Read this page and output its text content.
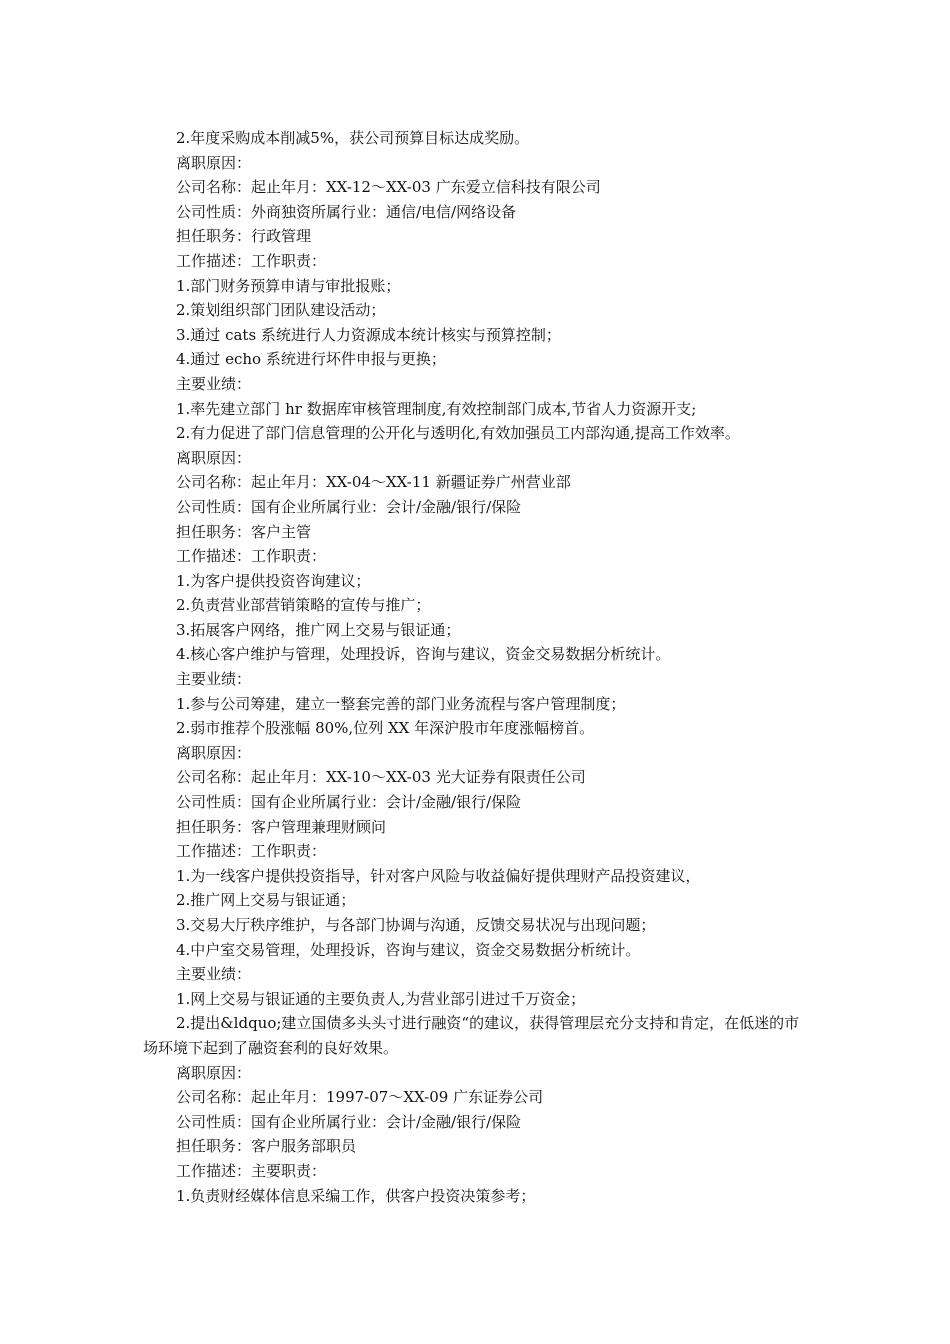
2.年度采购成本削减5%，获公司预算目标达成奖励。

离职原因：

公司名称：起止年月：XX-12～XX-03 广东爱立信科技有限公司

公司性质：外商独资所属行业：通信/电信/网络设备

担任职务：行政管理

工作描述：工作职责：

1.部门财务预算申请与审批报账；

2.策划组织部门团队建设活动；

3.通过 cats 系统进行人力资源成本统计核实与预算控制；

4.通过 echo 系统进行坏件申报与更换；

主要业绩：

1.率先建立部门 hr 数据库审核管理制度,有效控制部门成本,节省人力资源开支;

2.有力促进了部门信息管理的公开化与透明化,有效加强员工内部沟通,提高工作效率。

离职原因：

公司名称：起止年月：XX-04～XX-11 新疆证券广州营业部

公司性质：国有企业所属行业：会计/金融/银行/保险

担任职务：客户主管

工作描述：工作职责：

1.为客户提供投资咨询建议；

2.负责营业部营销策略的宣传与推广；

3.拓展客户网络，推广网上交易与银证通；

4.核心客户维护与管理，处理投诉，咨询与建议，资金交易数据分析统计。

主要业绩：

1.参与公司筹建，建立一整套完善的部门业务流程与客户管理制度；

2.弱市推荐个股涨幅 80%,位列 XX 年深沪股市年度涨幅榜首。

离职原因：

公司名称：起止年月：XX-10～XX-03 光大证券有限责任公司

公司性质：国有企业所属行业：会计/金融/银行/保险

担任职务：客户管理兼理财顾问

工作描述：工作职责：

1.为一线客户提供投资指导，针对客户风险与收益偏好提供理财产品投资建议，

2.推广网上交易与银证通；

3.交易大厅秩序维护，与各部门协调与沟通，反馈交易状况与出现问题；

4.中户室交易管理，处理投诉，咨询与建议，资金交易数据分析统计。

主要业绩：

1.网上交易与银证通的主要负责人,为营业部引进过千万资金；

2.提出&ldquo;建立国债多头头寸进行融资“的建议，获得管理层充分支持和肯定，在低迷的市场环境下起到了融资套利的良好效果。

离职原因：

公司名称：起止年月：1997-07～XX-09 广东证券公司

公司性质：国有企业所属行业：会计/金融/银行/保险

担任职务：客户服务部职员

工作描述：主要职责：

1.负责财经媒体信息采编工作，供客户投资决策参考；
